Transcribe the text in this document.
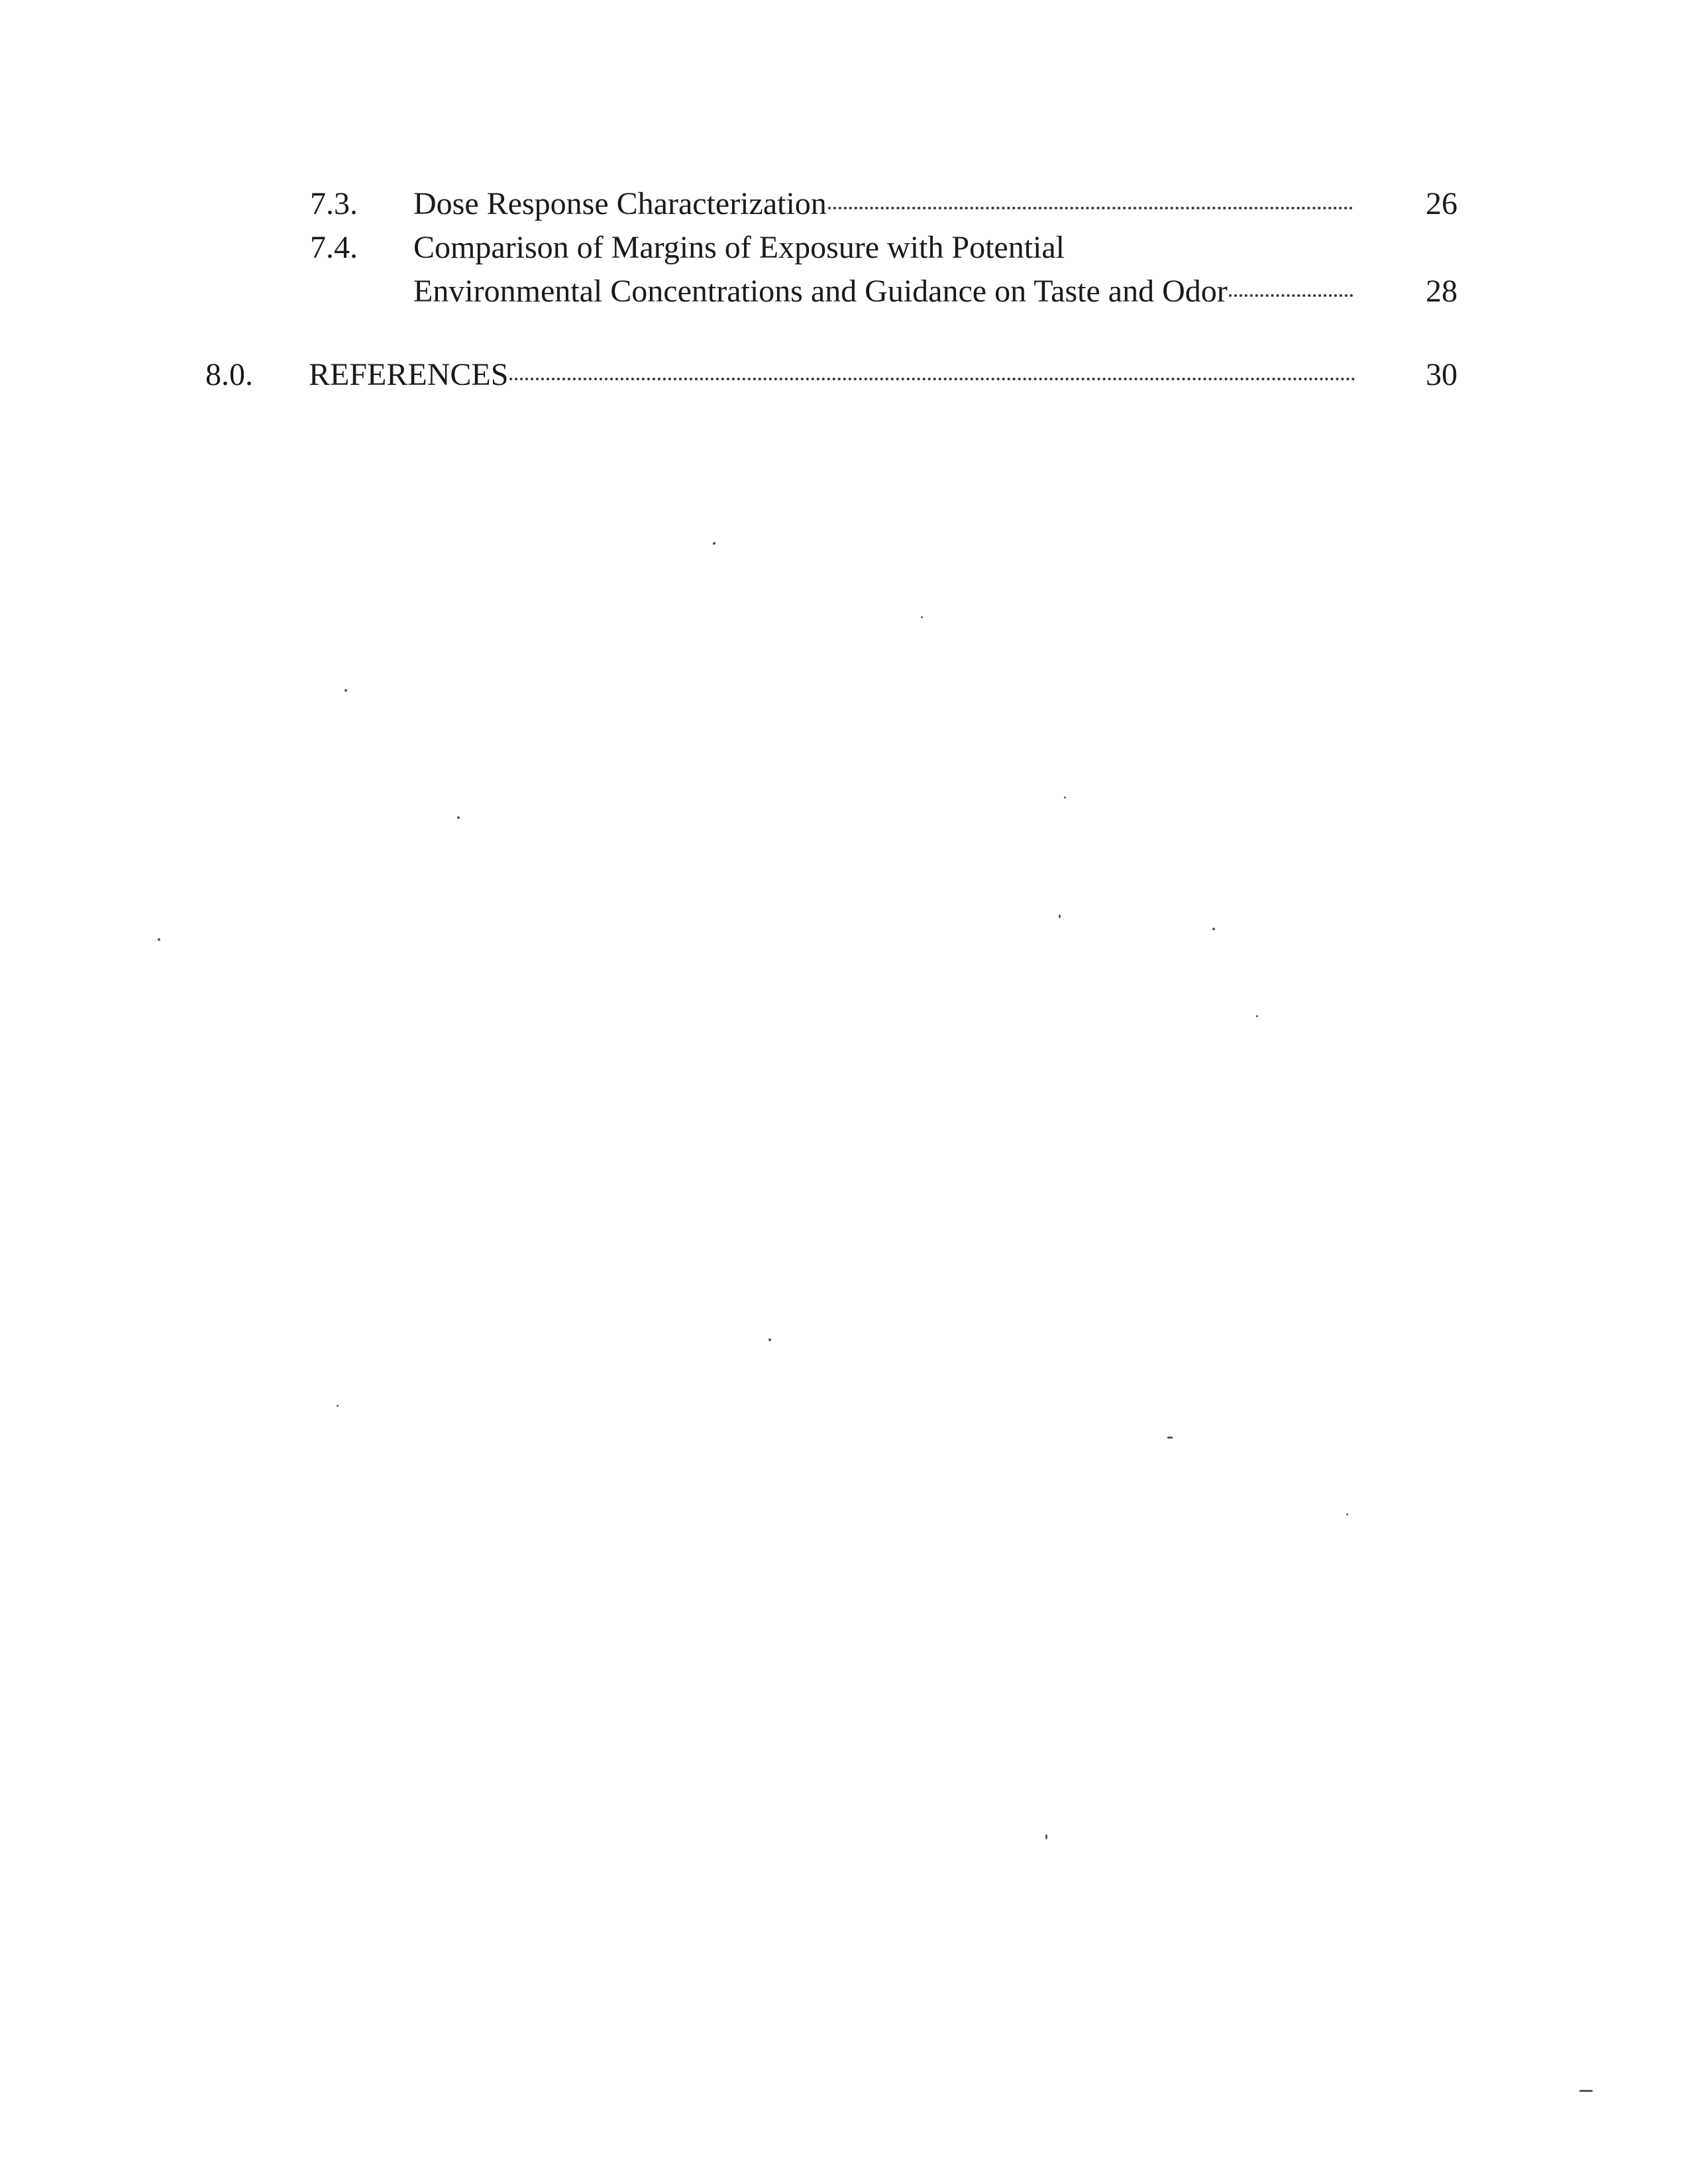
7.3. Dose Response Characterization	26
7.4. Comparison of Margins of Exposure with Potential
Environmental Concentrations and Guidance on Taste and Odor	28
8.0. REFERENCES	30
